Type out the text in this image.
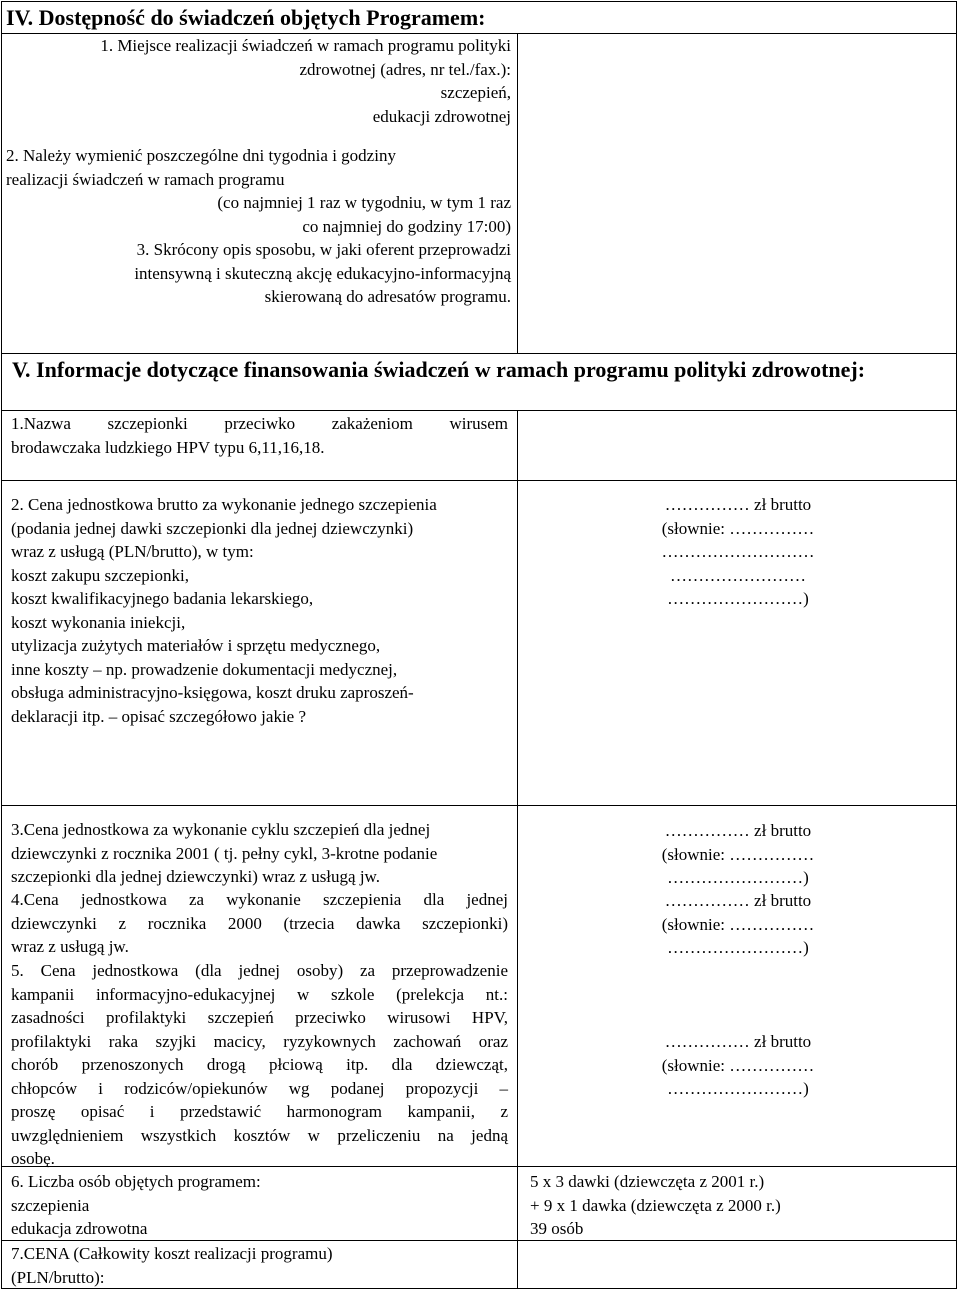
IV. Dostępność do świadczeń objętych Programem:
1. Miejsce realizacji świadczeń w ramach programu polityki
zdrowotnej (adres, nr tel./fax.):
szczepień,
edukacji zdrowotnej
2. Należy wymienić poszczególne dni tygodnia i godziny
realizacji świadczeń w ramach programu
(co najmniej 1 raz w tygodniu, w tym 1 raz
co najmniej do godziny 17:00)
3. Skrócony opis sposobu, w jaki oferent przeprowadzi
intensywną i skuteczną akcję edukacyjno-informacyjną
skierowaną do adresatów programu.
V. Informacje dotyczące finansowania świadczeń w ramach programu polityki zdrowotnej:
1.Nazwa szczepionki przeciwko zakażeniom wirusem
brodawczaka ludzkiego HPV typu 6,11,16,18.
2. Cena jednostkowa brutto za wykonanie jednego szczepienia
(podania jednej dawki szczepionki dla jednej dziewczynki)
wraz z usługą (PLN/brutto), w tym:
koszt zakupu szczepionki,
koszt kwalifikacyjnego badania lekarskiego,
koszt wykonania iniekcji,
utylizacja zużytych materiałów i sprzętu medycznego,
inne koszty – np. prowadzenie dokumentacji medycznej,
obsługa administracyjno-księgowa, koszt druku zaproszeń-
deklaracji itp. – opisać szczegółowo jakie ?
…………… zł brutto
(słownie: ……………
………………………
……………………
……………………)
3.Cena jednostkowa za wykonanie cyklu szczepień dla jednej
dziewczynki z rocznika 2001 ( tj. pełny cykl, 3-krotne podanie
szczepionki dla jednej dziewczynki) wraz z usługą jw.
…………… zł brutto
(słownie: ……………
……………………)
4.Cena jednostkowa za wykonanie szczepienia dla jednej
dziewczynki z rocznika 2000 (trzecia dawka szczepionki)
wraz z usługą jw.
…………… zł brutto
(słownie: ……………
……………………)
5. Cena jednostkowa (dla jednej osoby) za przeprowadzenie
kampanii informacyjno-edukacyjnej w szkole (prelekcja nt.:
zasadności profilaktyki szczepień przeciwko wirusowi HPV,
profilaktyki raka szyjki macicy, ryzykownych zachowań oraz
chorób przenoszonych drogą płciową itp. dla dziewcząt,
chłopców i rodziców/opiekunów wg podanej propozycji –
proszę opisać i przedstawić harmonogram kampanii, z
uwzględnieniem wszystkich kosztów w przeliczeniu na jedną
osobę.
…………… zł brutto
(słownie: ……………
……………………)
6. Liczba osób objętych programem:
szczepienia
edukacja zdrowotna
5 x 3 dawki (dziewczęta z 2001 r.)
+ 9 x 1 dawka (dziewczęta z 2000 r.)
39 osób
7.CENA (Całkowity koszt realizacji programu)
(PLN/brutto):
